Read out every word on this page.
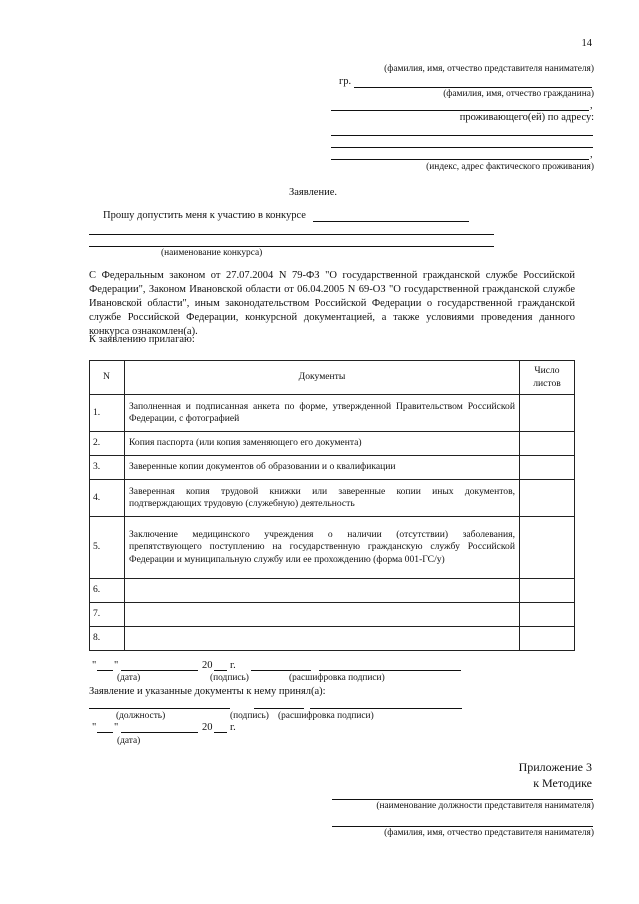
14
(фамилия, имя, отчество представителя нанимателя)
гр.
(фамилия, имя, отчество гражданина)
,
проживающего(ей) по адресу:
,
(индекс, адрес фактического проживания)
Заявление.
Прошу допустить меня к участию в конкурсе
(наименование конкурса)
С Федеральным законом от 27.07.2004 N 79-ФЗ "О государственной гражданской службе Российской Федерации", Законом Ивановской области от 06.04.2005 N 69-ОЗ "О государственной гражданской службе Ивановской области", иным законодательством Российской Федерации о государственной гражданской службе Российской Федерации, конкурсной документацией, а также условиями проведения данного конкурса ознакомлен(а).
К заявлению прилагаю:
N	Документы	Число листов
1.	Заполненная и подписанная анкета по форме, утвержденной Правительством Российской Федерации, с фотографией	
2.	Копия паспорта (или копия заменяющего его документа)	
3.	Заверенные копии документов об образовании и о квалификации	
4.	Заверенная копия трудовой книжки или заверенные копии иных документов, подтверждающих трудовую (служебную) деятельность	
5.	Заключение медицинского учреждения о наличии (отсутствии) заболевания, препятствующего поступлению на государственную гражданскую службу Российской Федерации и муниципальную службу или ее прохождению (форма 001-ГС/у)	
6.		
7.		
8.		
" "	20 г.
(дата)	(подпись)	(расшифровка подписи)
Заявление и указанные документы к нему принял(а):
(должность)	(подпись) (расшифровка подписи)
" "	20 г.
(дата)
Приложение 3
к Методике
(наименование должности представителя нанимателя)
(фамилия, имя, отчество представителя нанимателя)
